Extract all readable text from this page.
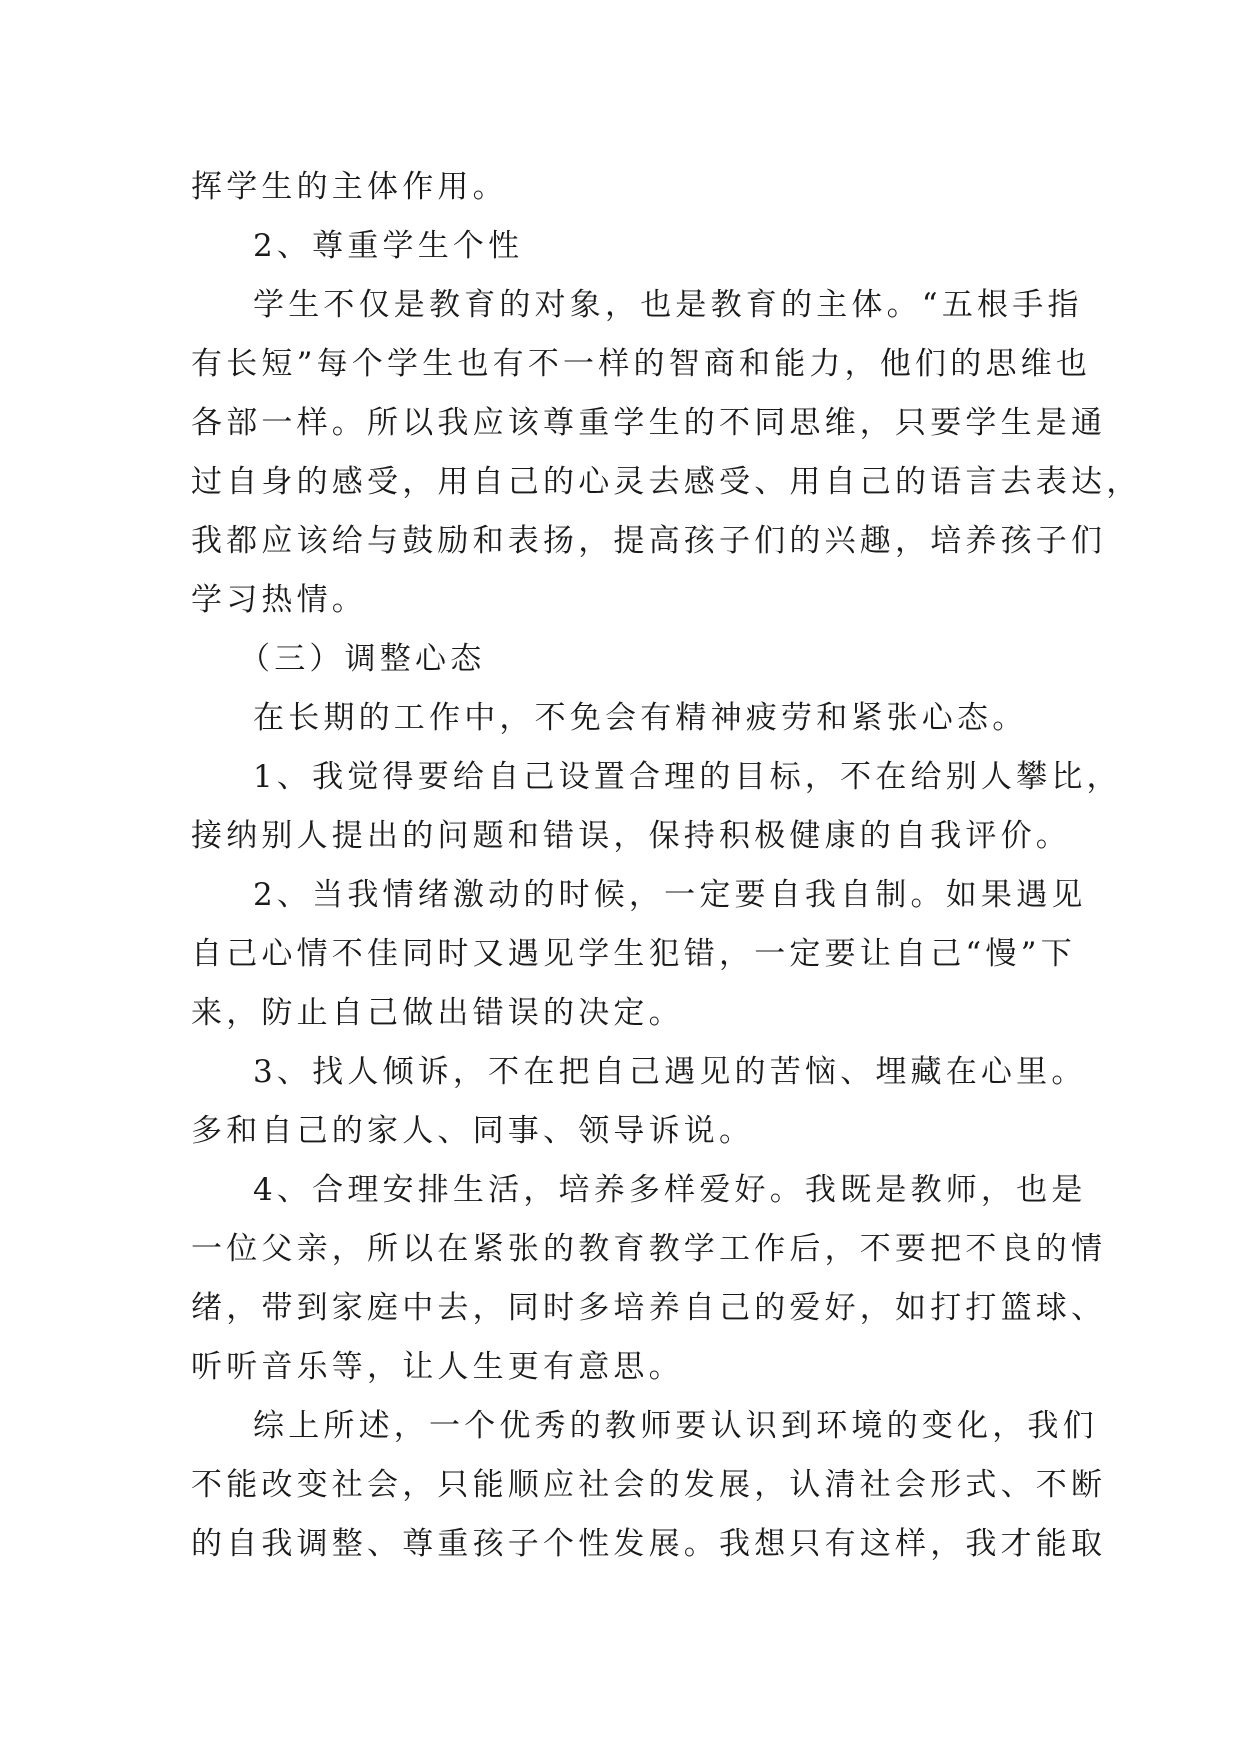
挥学生的主体作用。
2、尊重学生个性
学生不仅是教育的对象，也是教育的主体。“五根手指
有长短”每个学生也有不一样的智商和能力，他们的思维也
各部一样。所以我应该尊重学生的不同思维，只要学生是通
过自身的感受，用自己的心灵去感受、用自己的语言去表达，
我都应该给与鼓励和表扬，提高孩子们的兴趣，培养孩子们
学习热情。
（三）调整心态
在长期的工作中，不免会有精神疲劳和紧张心态。
1、我觉得要给自己设置合理的目标，不在给别人攀比，
接纳别人提出的问题和错误，保持积极健康的自我评价。
2、当我情绪激动的时候，一定要自我自制。如果遇见
自己心情不佳同时又遇见学生犯错，一定要让自己“慢”下
来，防止自己做出错误的决定。
3、找人倾诉，不在把自己遇见的苦恼、埋藏在心里。
多和自己的家人、同事、领导诉说。
4、合理安排生活，培养多样爱好。我既是教师，也是
一位父亲，所以在紧张的教育教学工作后，不要把不良的情
绪，带到家庭中去，同时多培养自己的爱好，如打打篮球、
听听音乐等，让人生更有意思。
综上所述，一个优秀的教师要认识到环境的变化，我们
不能改变社会，只能顺应社会的发展，认清社会形式、不断
的自我调整、尊重孩子个性发展。我想只有这样，我才能取
